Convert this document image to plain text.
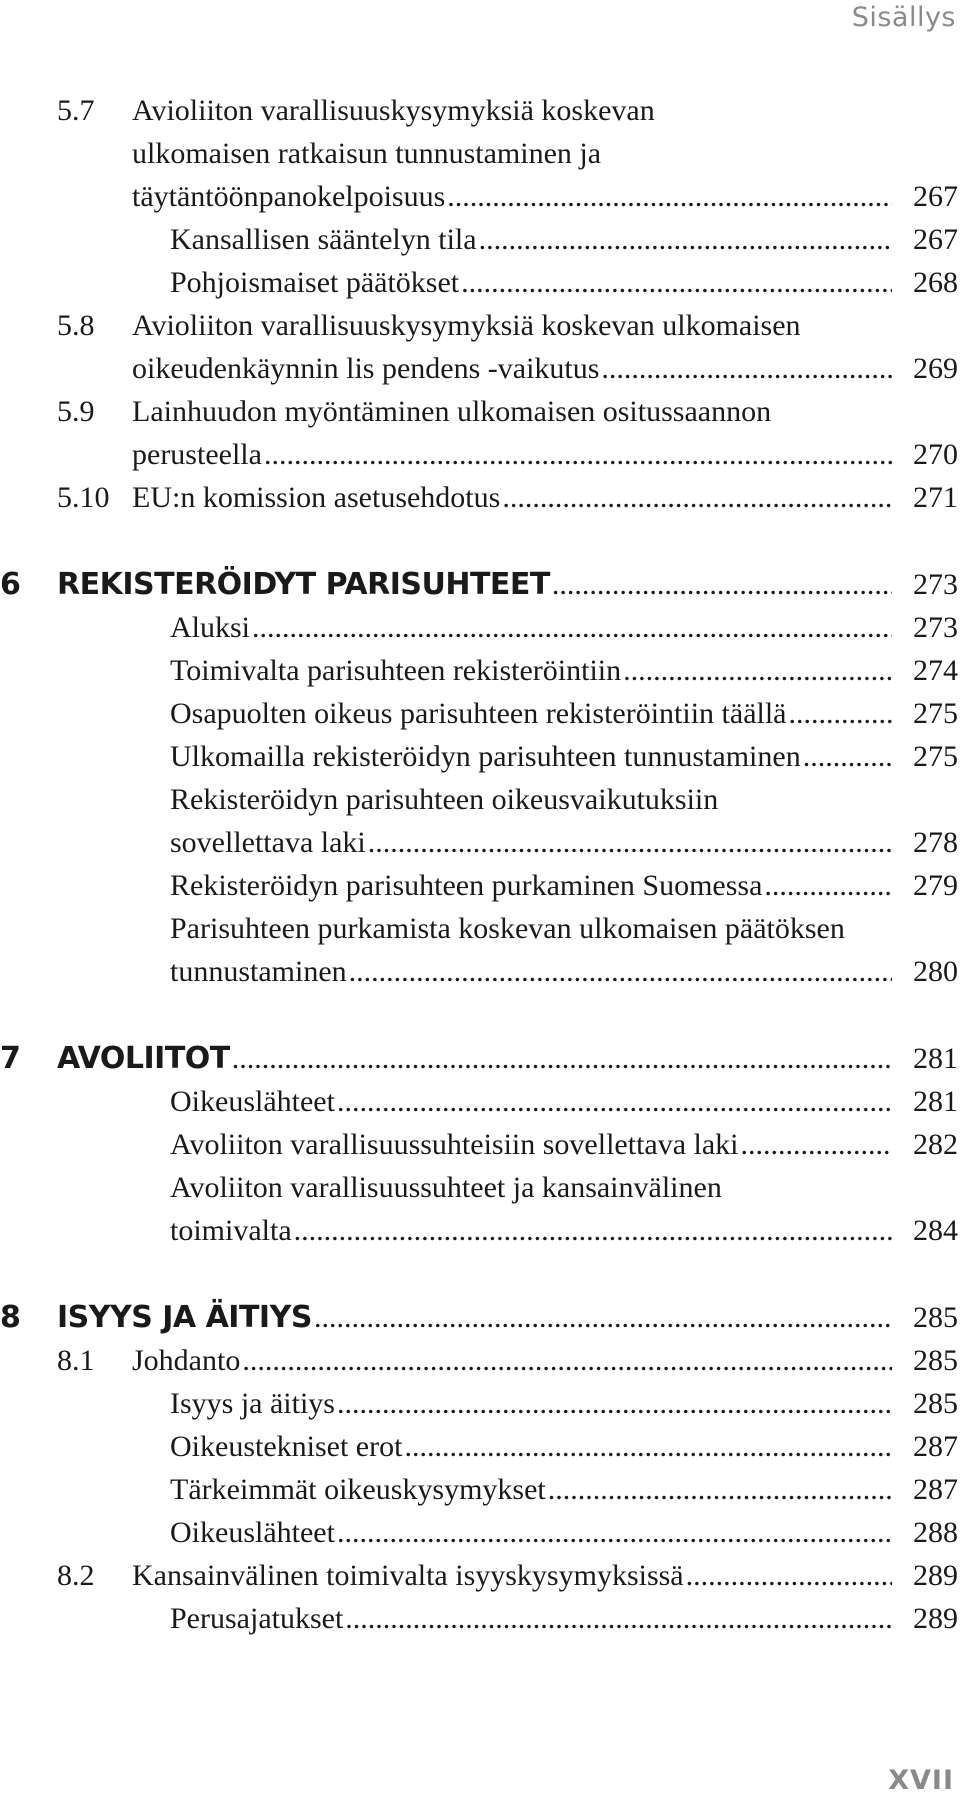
Sisällys
5.7 Avioliiton varallisuuskysymyksiä koskevan
ulkomaisen ratkaisun tunnustaminen ja
täytäntöönpanokelpoisuus .....	267
Kansallisen sääntelyn tila .....	267
Pohjoismaiset päätökset .....	268
5.8 Avioliiton varallisuuskysymyksiä koskevan ulkomaisen
oikeudenkäynnin lis pendens -vaikutus .....	269
5.9 Lainhuudon myöntäminen ulkomaisen ositussaannon
perusteella .....	270
5.10 EU:n komission asetusehdotus .....	271
6 REKISTERÖIDYT PARISUHTEET .....	273
Aluksi .....	273
Toimivalta parisuhteen rekisteröintiin .....	274
Osapuolten oikeus parisuhteen rekisteröintiin täällä .....	275
Ulkomailla rekisteröidyn parisuhteen tunnustaminen .....	275
Rekisteröidyn parisuhteen oikeusvaikutuksiin
sovellettava laki .....	278
Rekisteröidyn parisuhteen purkaminen Suomessa .....	279
Parisuhteen purkamista koskevan ulkomaisen päätöksen
tunnustaminen .....	280
7 AVOLIITOT .....	281
Oikeuslähteet .....	281
Avoliiton varallisuussuhteisiin sovellettava laki .....	282
Avoliiton varallisuussuhteet ja kansainvälinen
toimivalta .....	284
8 ISYYS JA ÄITIYS .....	285
8.1 Johdanto .....	285
Isyys ja äitiys .....	285
Oikeustekniset erot .....	287
Tärkeimmät oikeuskysymykset .....	287
Oikeuslähteet .....	288
8.2 Kansainvälinen toimivalta isyyskysymyksissä .....	289
Perusajatukset .....	289
XVII
